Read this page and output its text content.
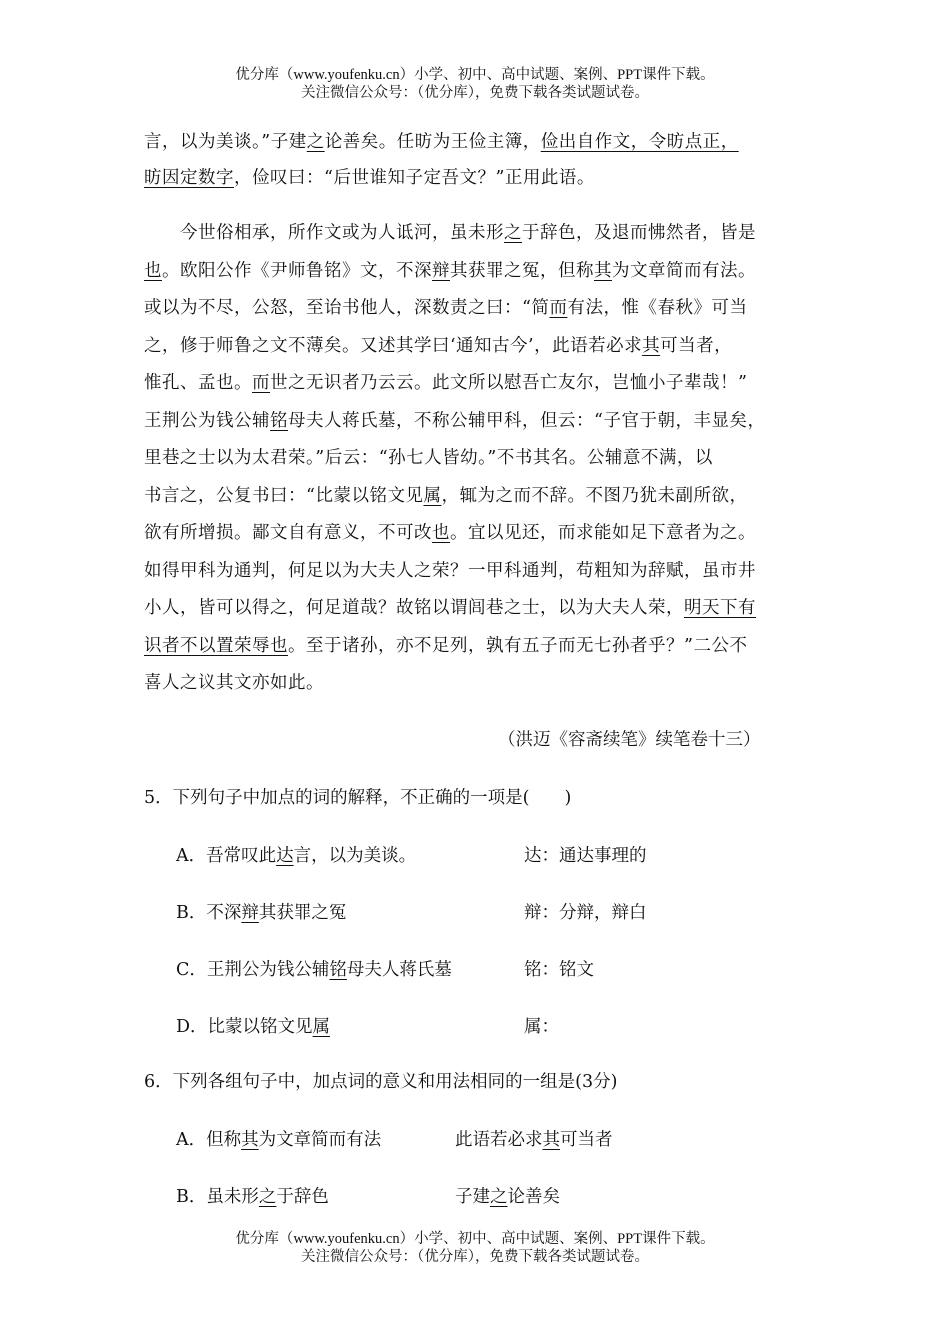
优分库（www.youfenku.cn）小学、初中、高中试题、案例、PPT课件下载。
关注微信公众号：（优分库），免费下载各类试题试卷。
言，以为美谈。”子建之论善矣。任昉为王俭主簿，俭出自作文，令昉点正，
昉因定数字，俭叹曰：“后世谁知子定吾文？”正用此语。
　　今世俗相承，所作文或为人诋河，虽未形之于辞色，及退而怫然者，皆是
也。欧阳公作《尹师鲁铭》文，不深辩其获罪之冤，但称其为文章简而有法。
或以为不尽，公怒，至诒书他人，深数责之曰：“简而有法，惟《春秋》可当
之，修于师鲁之文不薄矣。又述其学曰‘通知古今’，此语若必求其可当者，
惟孔、孟也。而世之无识者乃云云。此文所以慰吾亡友尔，岂恤小子辈哉！”
王荆公为钱公辅铭母夫人蒋氏墓，不称公辅甲科，但云：“子官于朝，丰显矣，
里巷之士以为太君荣。”后云：“孙七人皆幼。”不书其名。公辅意不满，以
书言之，公复书曰：“比蒙以铭文见属，辄为之而不辞。不图乃犹未副所欲，
欲有所增损。鄙文自有意义，不可改也。宜以见还，而求能如足下意者为之。
如得甲科为通判，何足以为大夫人之荣？一甲科通判，苟粗知为辞赋，虽市井
小人，皆可以得之，何足道哉？故铭以谓闾巷之士，以为大夫人荣，明天下有
识者不以置荣辱也。至于诸孙，亦不足列，孰有五子而无七孙者乎？”二公不
喜人之议其文亦如此。
（洪迈《容斋续笔》续笔卷十三）
5．下列句子中加点的词的解释，不正确的一项是(　　)
A．吾常叹此达言，以为美谈。	达：通达事理的
B．不深辩其获罪之冤	辩：分辩，辩白
C．王荆公为钱公辅铭母夫人蒋氏墓	铭：铭文
D．比蒙以铭文见属	属：
6．下列各组句子中，加点词的意义和用法相同的一组是(3分)
A．但称其为文章简而有法	此语若必求其可当者
B．虽未形之于辞色	子建之论善矣
优分库（www.youfenku.cn）小学、初中、高中试题、案例、PPT课件下载。
关注微信公众号：（优分库），免费下载各类试题试卷。
